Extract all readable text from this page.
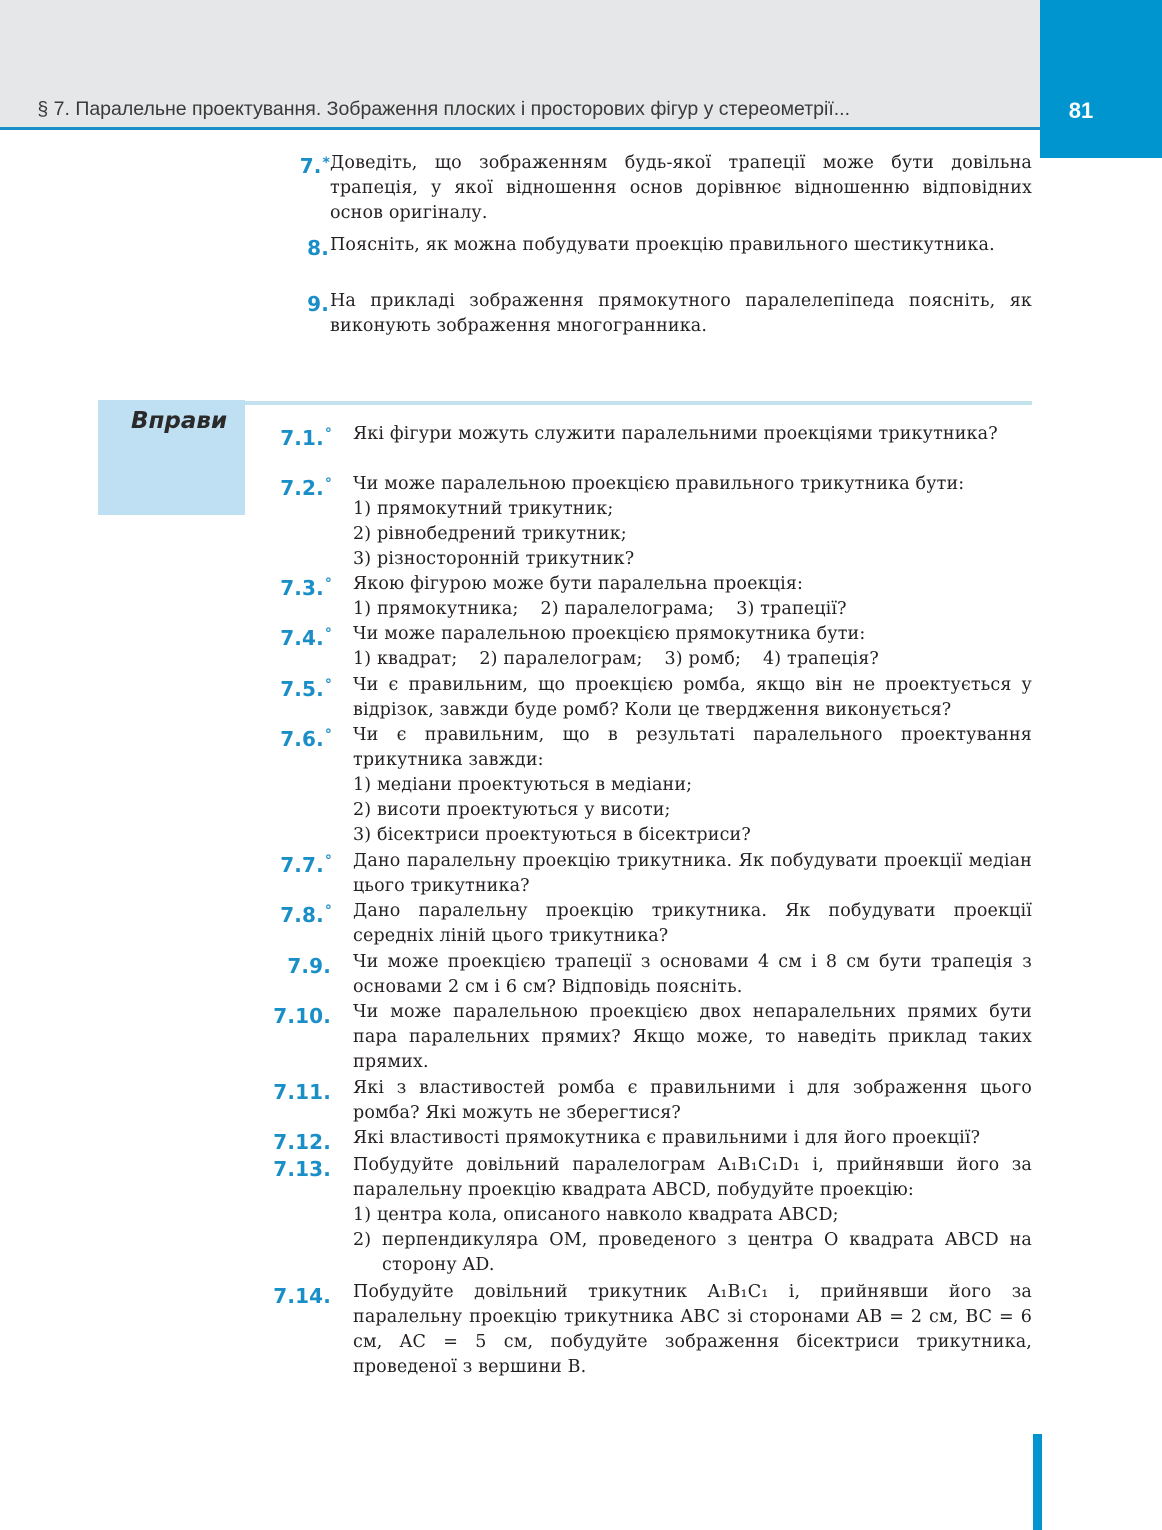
§ 7. Паралельне проектування. Зображення плоских і просторових фігур у стереометрії...	81
7.* Доведіть, що зображенням будь-якої трапеції може бути довільна трапеція, у якої відношення основ дорівнює відношенню відповідних основ оригіналу.
8. Поясніть, як можна побудувати проекцію правильного шестикутника.
9. На прикладі зображення прямокутного паралелепіпеда поясніть, як виконують зображення многогранника.
Вправи
7.1.° Які фігури можуть служити паралельними проекціями трикутника?
7.2.° Чи може паралельною проекцією правильного трикутника бути:
1) прямокутний трикутник;
2) рівнобедрений трикутник;
3) різносторонній трикутник?
7.3.° Якою фігурою може бути паралельна проекція:
1) прямокутника; 2) паралелограма; 3) трапеції?
7.4.° Чи може паралельною проекцією прямокутника бути:
1) квадрат; 2) паралелограм; 3) ромб; 4) трапеція?
7.5.° Чи є правильним, що проекцією ромба, якщо він не проектується у відрізок, завжди буде ромб? Коли це твердження виконується?
7.6.° Чи є правильним, що в результаті паралельного проектування трикутника завжди:
1) медіани проектуються в медіани;
2) висоти проектуються у висоти;
3) бісектриси проектуються в бісектриси?
7.7.° Дано паралельну проекцію трикутника. Як побудувати проекції медіан цього трикутника?
7.8.° Дано паралельну проекцію трикутника. Як побудувати проекції середніх ліній цього трикутника?
7.9. Чи може проекцією трапеції з основами 4 см і 8 см бути трапеція з основами 2 см і 6 см? Відповідь поясніть.
7.10. Чи може паралельною проекцією двох непаралельних прямих бути пара паралельних прямих? Якщо може, то наведіть приклад таких прямих.
7.11. Які з властивостей ромба є правильними і для зображення цього ромба? Які можуть не зберегтися?
7.12. Які властивості прямокутника є правильними і для його проекції?
7.13. Побудуйте довільний паралелограм A₁B₁C₁D₁ і, прийнявши його за паралельну проекцію квадрата ABCD, побудуйте проекцію:
1) центра кола, описаного навколо квадрата ABCD;
2) перпендикуляра OM, проведеного з центра O квадрата ABCD на сторону AD.
7.14. Побудуйте довільний трикутник A₁B₁C₁ і, прийнявши його за паралельну проекцію трикутника ABC зі сторонами AB = 2 см, BC = 6 см, AC = 5 см, побудуйте зображення бісектриси трикутника, проведеної з вершини B.
